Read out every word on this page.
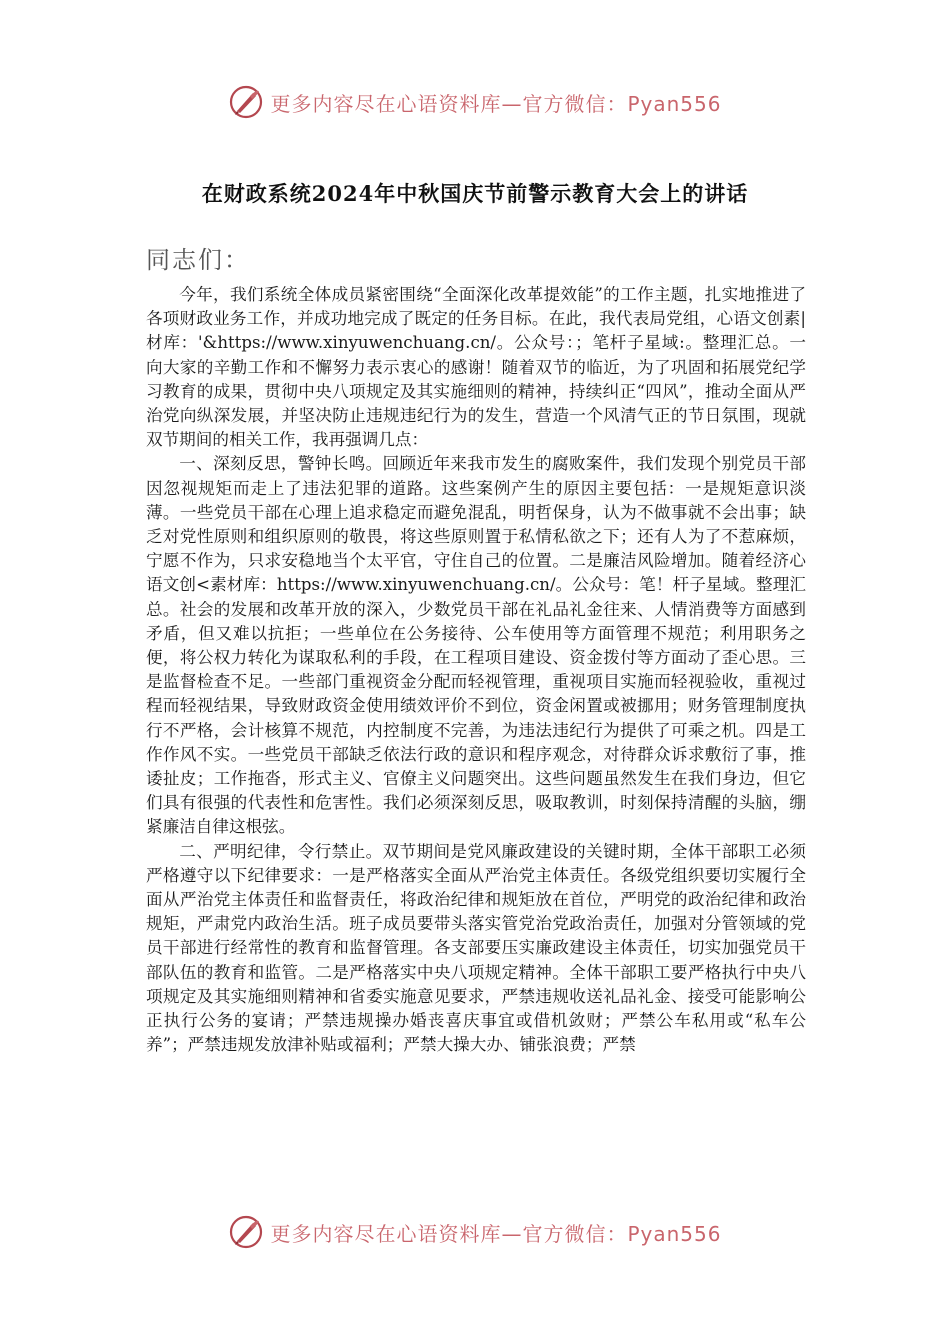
更多内容尽在心语资料库—官方微信：Pyan556
在财政系统2024年中秋国庆节前警示教育大会上的讲话
同志们：

今年，我们系统全体成员紧密围绕“全面深化改革提效能”的工作主题，扎实地推进了各项财政业务工作，并成功地完成了既定的任务目标。在此，我代表局党组，心语文创素|材库：'&https://www.xinyuwenchuang.cn/。公众号：；笔杆子星域:。整理汇总。一向大家的辛勤工作和不懈努力表示衷心的感谢！随着双节的临近，为了巩固和拓展党纪学习教育的成果，贯彻中央八项规定及其实施细则的精神，持续纠正“四风”，推动全面从严治党向纵深发展，并坚决防止违规违纪行为的发生，营造一个风清气正的节日氛围，现就双节期间的相关工作，我再强调几点：

一、深刻反思，警钟长鸣。回顾近年来我市发生的腐败案件，我们发现个别党员干部因忽视规矩而走上了违法犯罪的道路。这些案例产生的原因主要包括：一是规矩意识淡薄。一些党员干部在心理上追求稳定而避免混乱，明哲保身，认为不做事就不会出事；缺乏对党性原则和组织原则的敬畏，将这些原则置于私情私欲之下；还有人为了不惹麻烦，宁愿不作为，只求安稳地当个太平官，守住自己的位置。二是廉洁风险增加。随着经济心语文创<素材库：https://www.xinyuwenchuang.cn/。公众号：笔！杆子星域。整理汇总。社会的发展和改革开放的深入，少数党员干部在礼品礼金往来、人情消费等方面感到矛盾，但又难以抗拒；一些单位在公务接待、公车使用等方面管理不规范；利用职务之便，将公权力转化为谋取私利的手段，在工程项目建设、资金拨付等方面动了歪心思。三是监督检查不足。一些部门重视资金分配而轻视管理，重视项目实施而轻视验收，重视过程而轻视结果，导致财政资金使用绩效评价不到位，资金闲置或被挪用；财务管理制度执行不严格，会计核算不规范，内控制度不完善，为违法违纪行为提供了可乘之机。四是工作作风不实。一些党员干部缺乏依法行政的意识和程序观念，对待群众诉求敷衍了事，推诿扯皮；工作拖沓，形式主义、官僚主义问题突出。这些问题虽然发生在我们身边，但它们具有很强的代表性和危害性。我们必须深刻反思，吸取教训，时刻保持清醒的头脑，绷紧廉洁自律这根弦。

二、严明纪律，令行禁止。双节期间是党风廉政建设的关键时期，全体干部职工必须严格遵守以下纪律要求：一是严格落实全面从严治党主体责任。各级党组织要切实履行全面从严治党主体责任和监督责任，将政治纪律和规矩放在首位，严明党的政治纪律和政治规矩，严肃党内政治生活。班子成员要带头落实管党治党政治责任，加强对分管领域的党员干部进行经常性的教育和监督管理。各支部要压实廉政建设主体责任，切实加强党员干部队伍的教育和监管。二是严格落实中央八项规定精神。全体干部职工要严格执行中央八项规定及其实施细则精神和省委实施意见要求，严禁违规收送礼品礼金、接受可能影响公正执行公务的宴请；严禁违规操办婚丧喜庆事宜或借机敛财；严禁公车私用或“私车公养”；严禁违规发放津补贴或福利；严禁大操大办、铺张浪费；严禁

更多内容尽在心语资料库—官方微信：Pyan556
